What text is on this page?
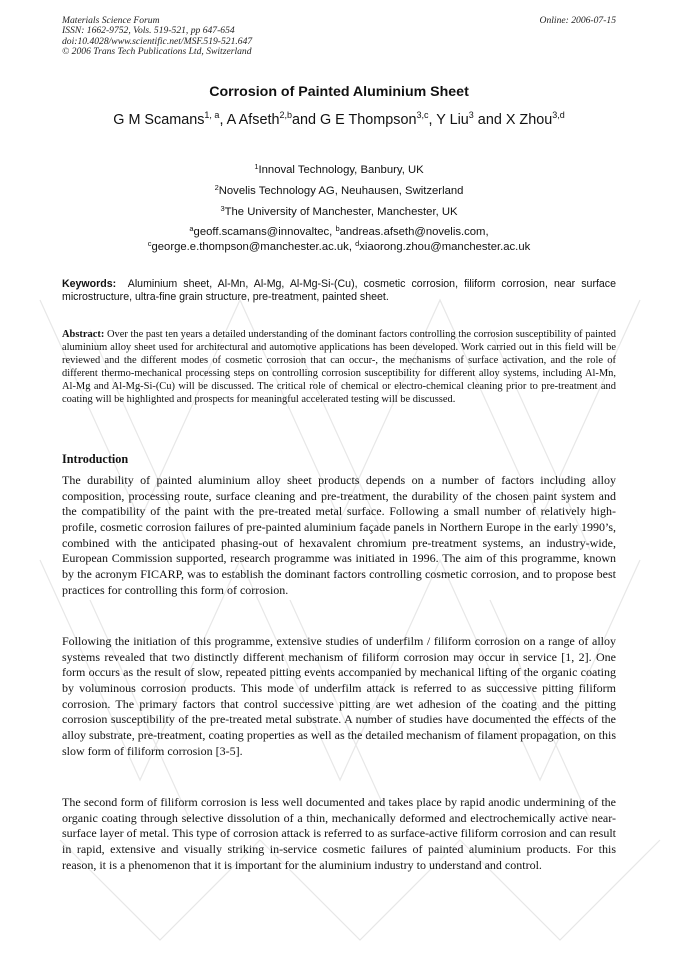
Materials Science Forum
ISSN: 1662-9752, Vols. 519-521, pp 647-654
doi:10.4028/www.scientific.net/MSF.519-521.647
© 2006 Trans Tech Publications Ltd, Switzerland
Online: 2006-07-15
Corrosion of Painted Aluminium Sheet
G M Scamans$^{1, a}$, A Afseth$^{2,b}$and G E Thompson$^{3,c}$, Y Liu$^3$ and X Zhou$^{3,d}$
$^1$Innoval Technology, Banbury, UK
$^2$Novelis Technology AG, Neuhausen, Switzerland
$^3$The University of Manchester, Manchester, UK
$^a$geoff.scamans@innovaltec, $^b$andreas.afseth@novelis.com,
$^c$george.e.thompson@manchester.ac.uk, $^d$xiaorong.zhou@manchester.ac.uk
Keywords: Aluminium sheet, Al-Mn, Al-Mg, Al-Mg-Si-(Cu), cosmetic corrosion, filiform corrosion, near surface microstructure, ultra-fine grain structure, pre-treatment, painted sheet.
Abstract: Over the past ten years a detailed understanding of the dominant factors controlling the corrosion susceptibility of painted aluminium alloy sheet used for architectural and automotive applications has been developed. Work carried out in this field will be reviewed and the different modes of cosmetic corrosion that can occur-, the mechanisms of surface activation, and the role of different thermo-mechanical processing steps on controlling corrosion susceptibility for different alloy systems, including Al-Mn, Al-Mg and Al-Mg-Si-(Cu) will be discussed. The critical role of chemical or electro-chemical cleaning prior to pre-treatment and coating will be highlighted and prospects for meaningful accelerated testing will be discussed.
Introduction
The durability of painted aluminium alloy sheet products depends on a number of factors including alloy composition, processing route, surface cleaning and pre-treatment, the durability of the chosen paint system and the compatibility of the paint with the pre-treated metal surface. Following a small number of relatively high-profile, cosmetic corrosion failures of pre-painted aluminium façade panels in Northern Europe in the early 1990’s, combined with the anticipated phasing-out of hexavalent chromium pre-treatment systems, an industry-wide, European Commission supported, research programme was initiated in 1996. The aim of this programme, known by the acronym FICARP, was to establish the dominant factors controlling cosmetic corrosion, and to propose best practices for controlling this form of corrosion.
Following the initiation of this programme, extensive studies of underfilm / filiform corrosion on a range of alloy systems revealed that two distinctly different mechanism of filiform corrosion may occur in service [1, 2]. One form occurs as the result of slow, repeated pitting events accompanied by mechanical lifting of the organic coating by voluminous corrosion products. This mode of underfilm attack is referred to as successive pitting filiform corrosion. The primary factors that control successive pitting are wet adhesion of the coating and the pitting corrosion susceptibility of the pre-treated metal substrate. A number of studies have documented the effects of the alloy substrate, pre-treatment, coating properties as well as the detailed mechanism of filament propagation, on this slow form of filiform corrosion [3-5].
The second form of filiform corrosion is less well documented and takes place by rapid anodic undermining of the organic coating through selective dissolution of a thin, mechanically deformed and electrochemically active near-surface layer of metal. This type of corrosion attack is referred to as surface-active filiform corrosion and can result in rapid, extensive and visually striking in-service cosmetic failures of painted aluminium products. For this reason, it is a phenomenon that it is important for the aluminium industry to understand and control.
